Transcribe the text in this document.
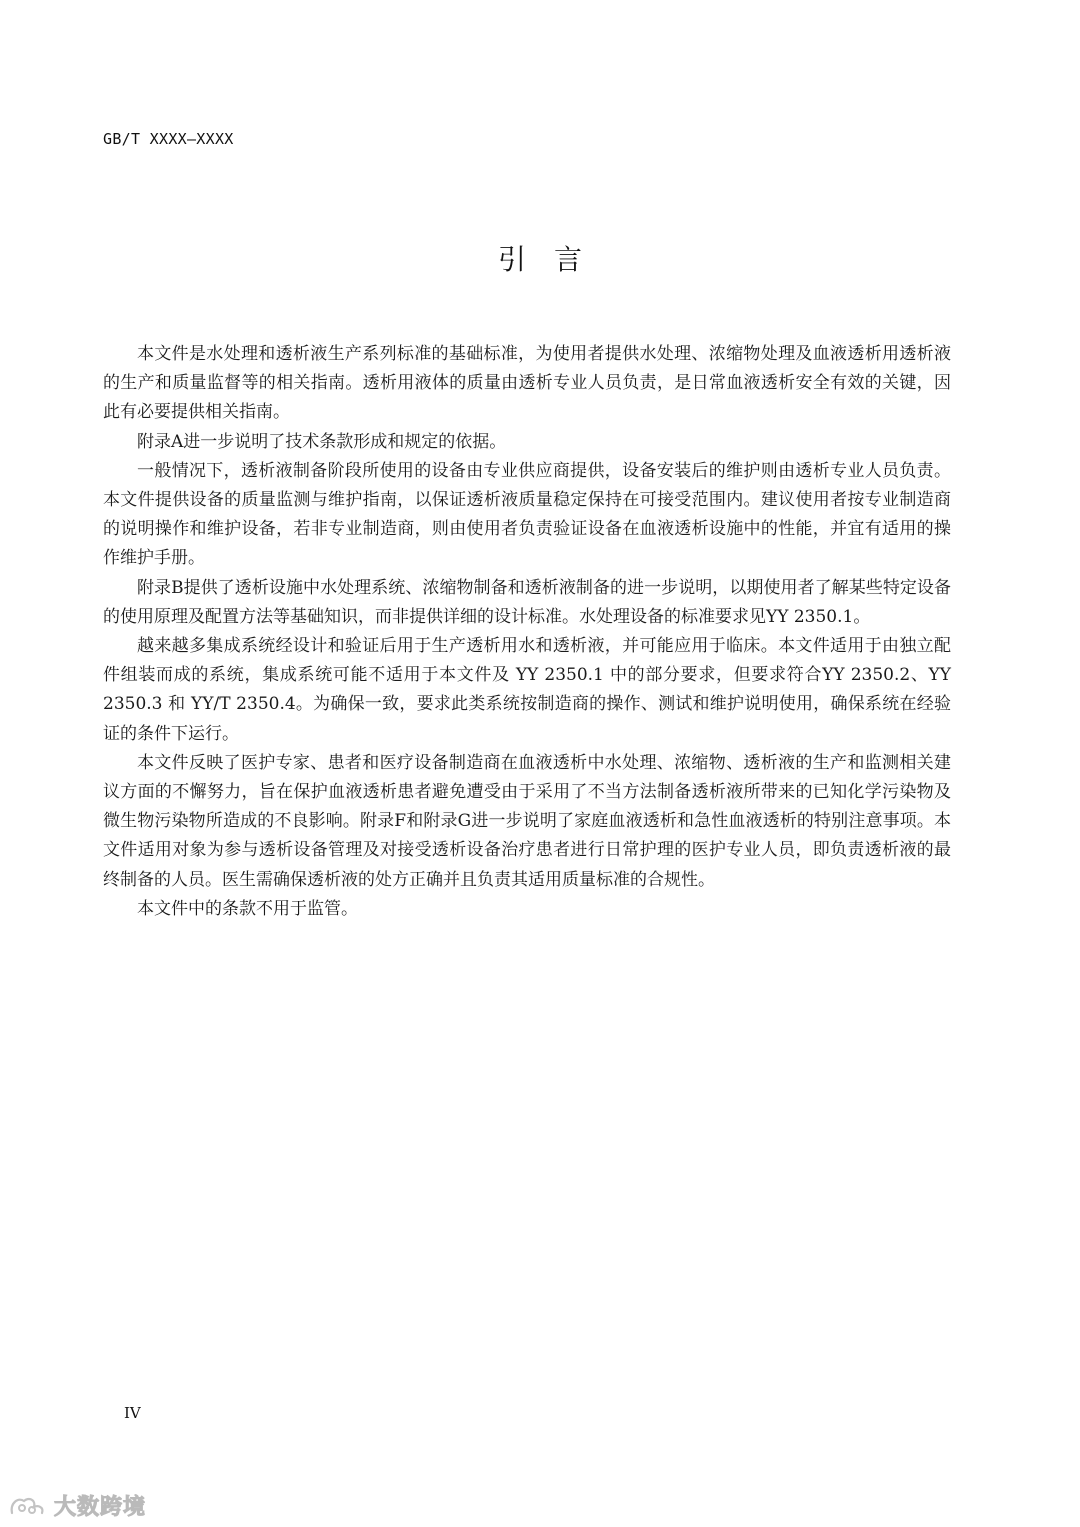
GB/T XXXX—XXXX
引言

本文件是水处理和透析液生产系列标准的基础标准，为使用者提供水处理、浓缩物处理及血液透析用透析液的生产和质量监督等的相关指南。透析用液体的质量由透析专业人员负责，是日常血液透析安全有效的关键，因此有必要提供相关指南。

附录A进一步说明了技术条款形成和规定的依据。

一般情况下，透析液制备阶段所使用的设备由专业供应商提供，设备安装后的维护则由透析专业人员负责。本文件提供设备的质量监测与维护指南，以保证透析液质量稳定保持在可接受范围内。建议使用者按专业制造商的说明操作和维护设备，若非专业制造商，则由使用者负责验证设备在血液透析设施中的性能，并宜有适用的操作维护手册。

附录B提供了透析设施中水处理系统、浓缩物制备和透析液制备的进一步说明，以期使用者了解某些特定设备的使用原理及配置方法等基础知识，而非提供详细的设计标准。水处理设备的标准要求见YY 2350.1。

越来越多集成系统经设计和验证后用于生产透析用水和透析液，并可能应用于临床。本文件适用于由独立配件组装而成的系统，集成系统可能不适用于本文件及 YY 2350.1 中的部分要求，但要求符合YY 2350.2、YY 2350.3 和 YY/T 2350.4。为确保一致，要求此类系统按制造商的操作、测试和维护说明使用，确保系统在经验证的条件下运行。

本文件反映了医护专家、患者和医疗设备制造商在血液透析中水处理、浓缩物、透析液的生产和监测相关建议方面的不懈努力，旨在保护血液透析患者避免遭受由于采用了不当方法制备透析液所带来的已知化学污染物及微生物污染物所造成的不良影响。附录F和附录G进一步说明了家庭血液透析和急性血液透析的特别注意事项。本文件适用对象为参与透析设备管理及对接受透析设备治疗患者进行日常护理的医护专业人员，即负责透析液的最终制备的人员。医生需确保透析液的处方正确并且负责其适用质量标准的合规性。

本文件中的条款不用于监管。

IV
大数跨境
